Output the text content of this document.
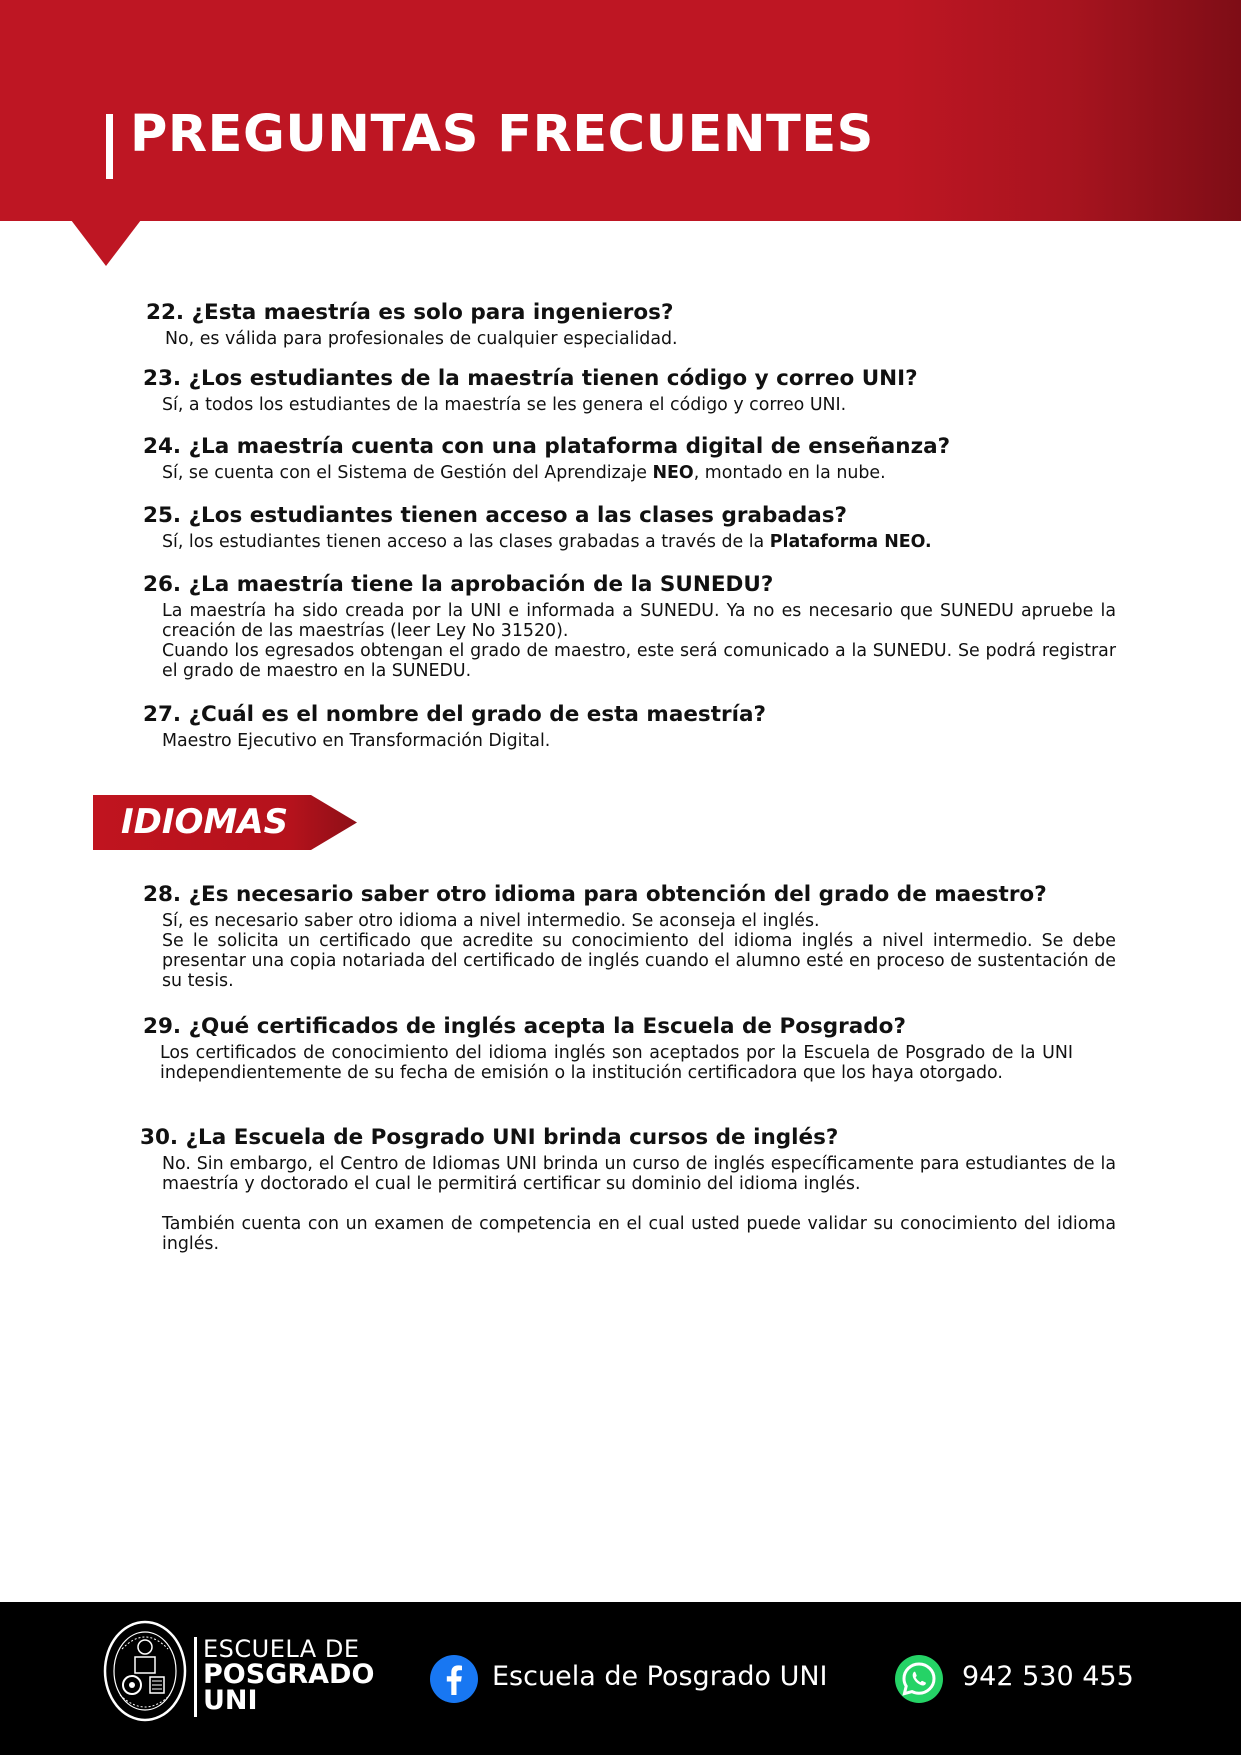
PREGUNTAS FRECUENTES

22. ¿Esta maestría es solo para ingenieros?

No, es válida para profesionales de cualquier especialidad.

23. ¿Los estudiantes de la maestría tienen código y correo UNI?

Sí, a todos los estudiantes de la maestría se les genera el código y correo UNI.

24. ¿La maestría cuenta con una plataforma digital de enseñanza?

Sí, se cuenta con el Sistema de Gestión del Aprendizaje NEO, montado en la nube.

25. ¿Los estudiantes tienen acceso a las clases grabadas?

Sí, los estudiantes tienen acceso a las clases grabadas a través de la Plataforma NEO.

26. ¿La maestría tiene la aprobación de la SUNEDU?

La maestría ha sido creada por la UNI e informada a SUNEDU. Ya no es necesario que SUNEDU apruebe la creación de las maestrías (leer Ley No 31520).

Cuando los egresados obtengan el grado de maestro, este será comunicado a la SUNEDU. Se podrá registrar el grado de maestro en la SUNEDU.

27. ¿Cuál es el nombre del grado de esta maestría?

Maestro Ejecutivo en Transformación Digital.

IDIOMAS

28. ¿Es necesario saber otro idioma para obtención del grado de maestro?

Sí, es necesario saber otro idioma a nivel intermedio. Se aconseja el inglés.

Se le solicita un certificado que acredite su conocimiento del idioma inglés a nivel intermedio. Se debe presentar una copia notariada del certificado de inglés cuando el alumno esté en proceso de sustentación de su tesis.

29. ¿Qué certificados de inglés acepta la Escuela de Posgrado?

Los certificados de conocimiento del idioma inglés son aceptados por la Escuela de Posgrado de la UNI independientemente de su fecha de emisión o la institución certificadora que los haya otorgado.

30. ¿La Escuela de Posgrado UNI brinda cursos de inglés?

No. Sin embargo, el Centro de Idiomas UNI brinda un curso de inglés específicamente para estudiantes de la maestría y doctorado el cual le permitirá certificar su dominio del idioma inglés.

También cuenta con un examen de competencia en el cual usted puede validar su conocimiento del idioma inglés.

ESCUELA DE
POSGRADO
UNI
Escuela de Posgrado UNI	942 530 455
